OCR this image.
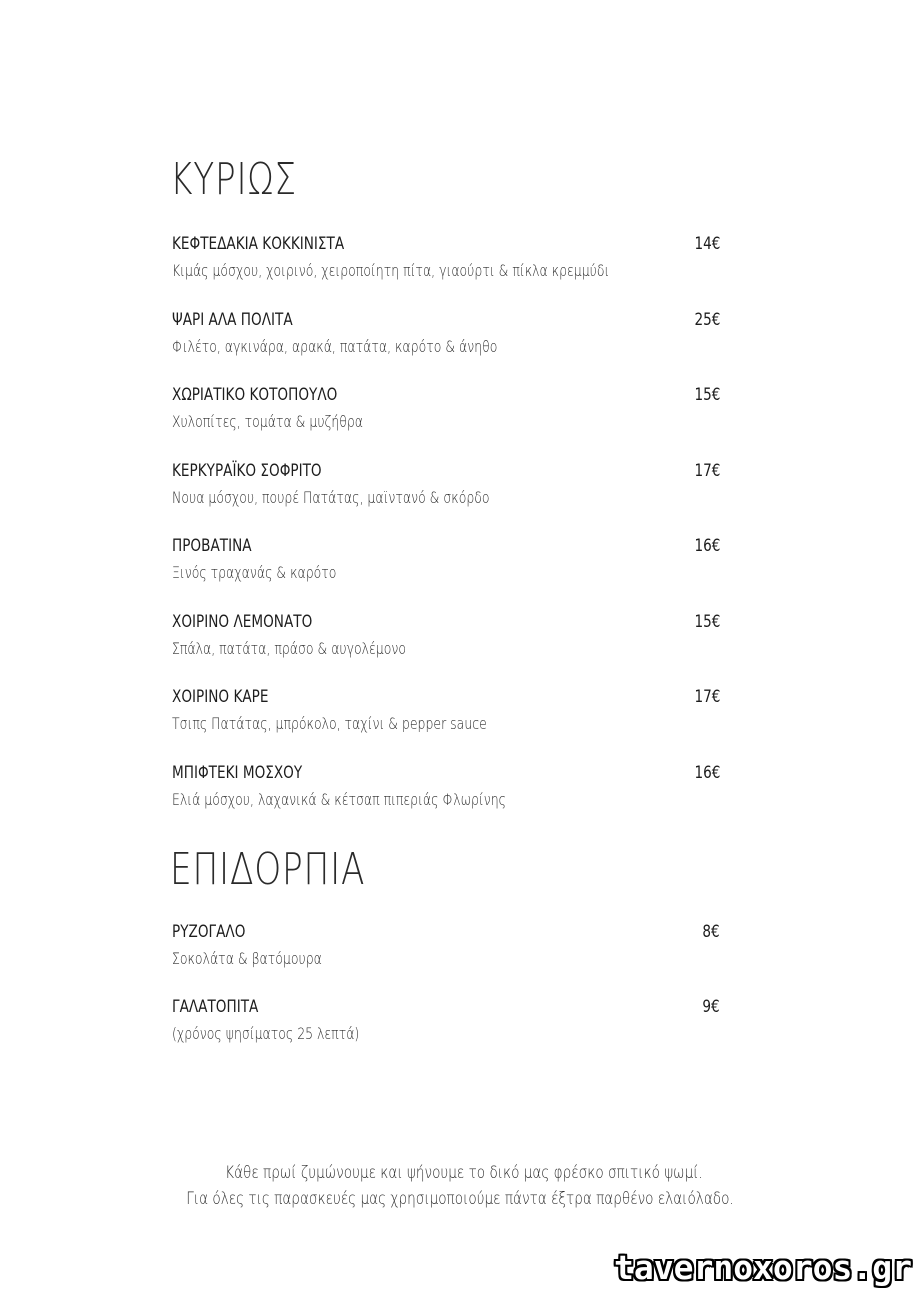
ΚΥΡΙΩΣ
ΚΕΦΤΕΔΑΚΙΑ ΚΟΚΚΙΝΙΣΤΑ	14€
Κιμάς μόσχου, χοιρινό, χειροποίητη πίτα, γιαούρτι & πίκλα κρεμμύδι
ΨΑΡΙ ΑΛΑ ΠΟΛΙΤΑ	25€
Φιλέτο, αγκινάρα, αρακά, πατάτα, καρότο & άνηθο
ΧΩΡΙΑΤΙΚΟ ΚΟΤΟΠΟΥΛΟ	15€
Χυλοπίτες, τομάτα & μυζήθρα
ΚΕΡΚΥΡΑΪΚΟ ΣΟΦΡΙΤΟ	17€
Νουα μόσχου, πουρέ Πατάτας, μαϊντανό & σκόρδο
ΠΡΟΒΑΤΙΝΑ	16€
Ξινός τραχανάς & καρότο
ΧΟΙΡΙΝΟ ΛΕΜΟΝΑΤΟ	15€
Σπάλα, πατάτα, πράσο & αυγολέμονο
ΧΟΙΡΙΝΟ ΚΑΡΕ	17€
Τσιπς Πατάτας, μπρόκολο, ταχίνι & pepper sauce
ΜΠΙΦΤΕΚΙ ΜΟΣΧΟΥ	16€
Ελιά μόσχου, λαχανικά & κέτσαπ πιπεριάς Φλωρίνης
ΕΠΙΔΟΡΠΙΑ
ΡΥΖΟΓΑΛΟ	8€
Σοκολάτα & βατόμουρα
ΓΑΛΑΤΟΠΙΤΑ	9€
(χρόνος ψησίματος 25 λεπτά)
Κάθε πρωί ζυμώνουμε και ψήνουμε το δικό μας φρέσκο σπιτικό ψωμί.
Για όλες τις παρασκευές μας χρησιμοποιούμε πάντα έξτρα παρθένο ελαιόλαδο.
tavernoxoros.gr
